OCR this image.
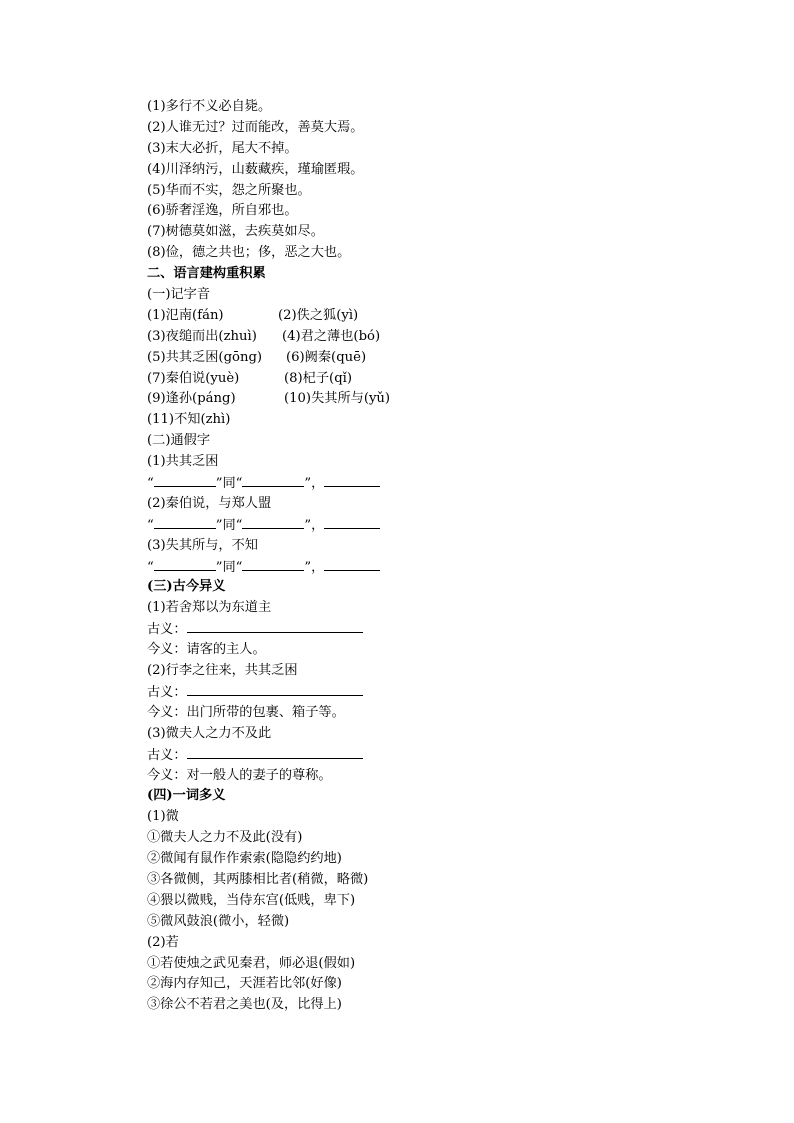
(1)多行不义必自毙。
(2)人谁无过？过而能改，善莫大焉。
(3)末大必折，尾大不掉。
(4)川泽纳污，山薮藏疾，瑾瑜匿瑕。
(5)华而不实，怨之所聚也。
(6)骄奢淫逸，所自邪也。
(7)树德莫如滋，去疾莫如尽。
(8)俭，德之共也；侈，恶之大也。
二、语言建构重积累
(一)记字音
(1)氾南(fán)	(2)佚之狐(yì)
(3)夜缒而出(zhuì) (4)君之薄也(bó)
(5)共其乏困(gōng) (6)阙秦(quē)
(7)秦伯说(yuè)	(8)杞子(qǐ)
(9)逢孙(páng)	(10)失其所与(yǔ)
(11)不知(zhì)
(二)通假字
(1)共其乏困
“	”同“	”，
(2)秦伯说，与郑人盟
“	”同“	”，
(3)失其所与，不知
“	”同“	”，
(三)古今异义
(1)若舍郑以为东道主
古义：
今义：请客的主人。
(2)行李之往来，共其乏困
古义：
今义：出门所带的包裹、箱子等。
(3)微夫人之力不及此
古义：
今义：对一般人的妻子的尊称。
(四)一词多义
(1)微
①微夫人之力不及此(没有)
②微闻有鼠作作索索(隐隐约约地)
③各微侧，其两膝相比者(稍微，略微)
④猥以微贱，当侍东宫(低贱，卑下)
⑤微风鼓浪(微小，轻微)
(2)若
①若使烛之武见秦君，师必退(假如)
②海内存知己，天涯若比邻(好像)
③徐公不若君之美也(及，比得上)
